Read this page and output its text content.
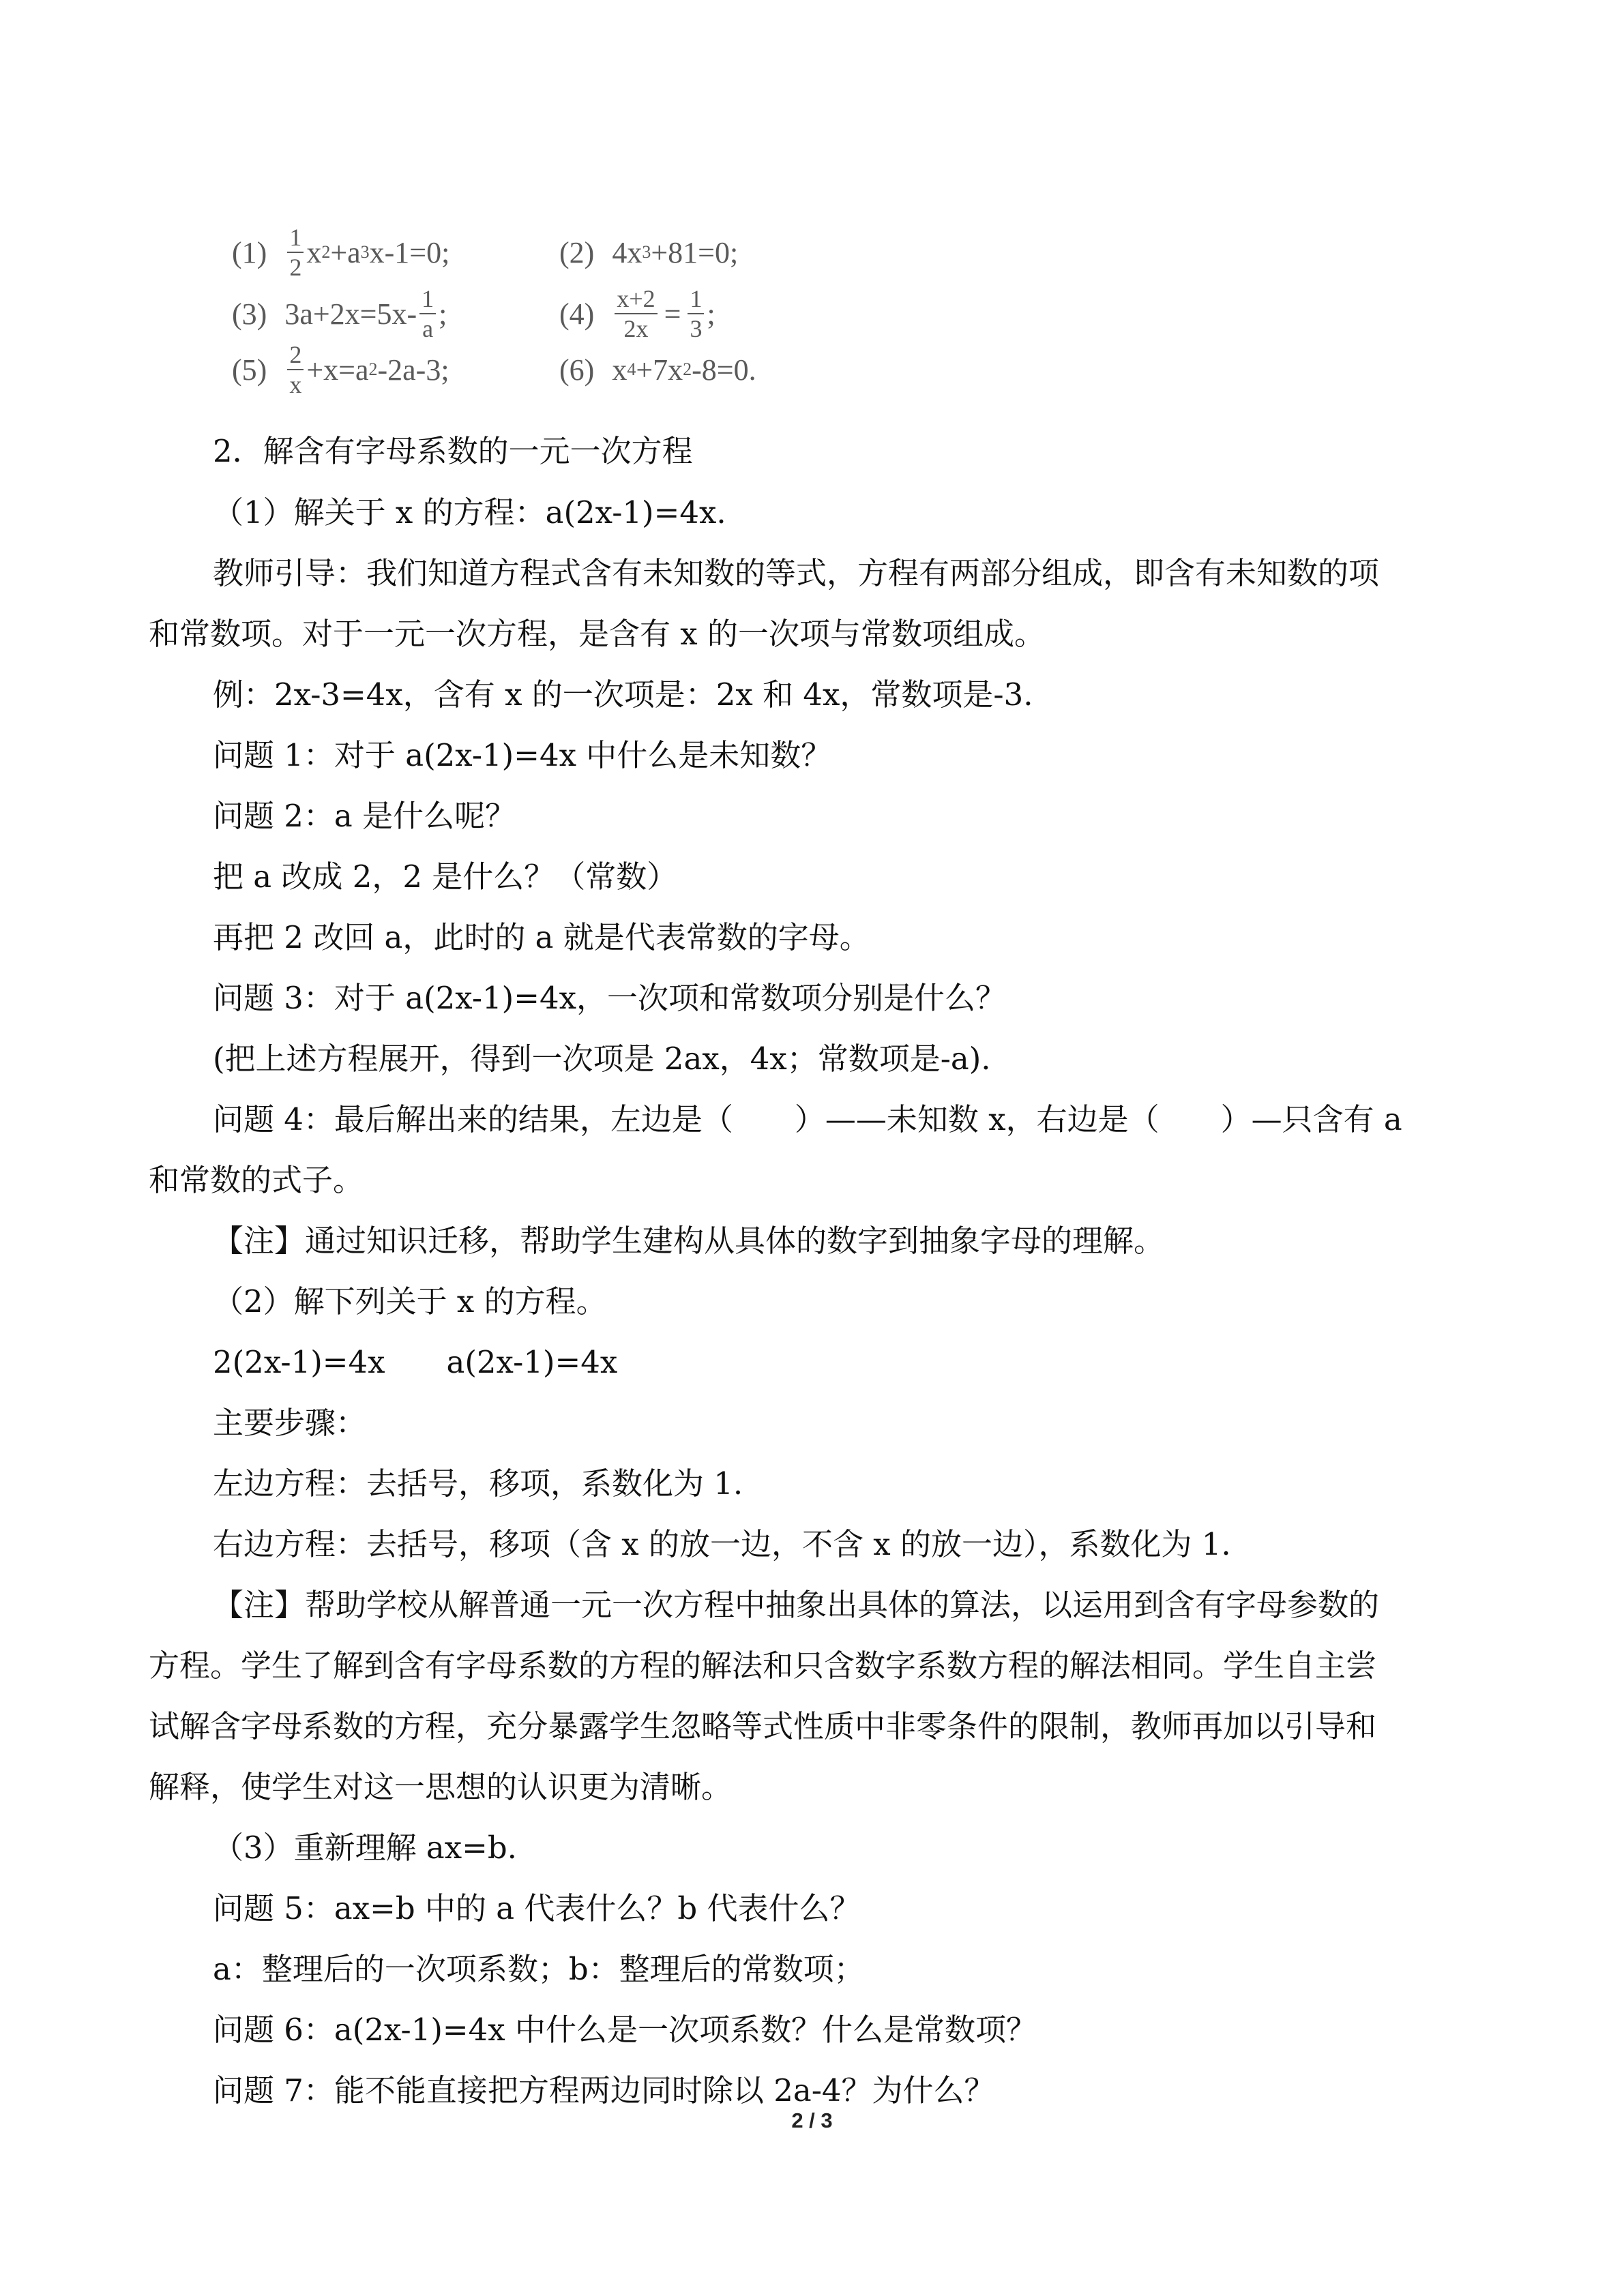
$(1) \frac{1}{2}$ x 2 +a 3 x-1=0;	(2) 4x 3 +81=0;
(3) $3a+2x=5x- \frac{1}{a}$ ;	$(4) \frac{x+2}{2x} = \frac{1}{3}$ ;
$(5) \frac{2}{x} +x=a$ 2 -2a-3;	(6) x 4 +7x 2 -8=0.
2．解含有字母系数的一元一次方程
（1）解关于 x 的方程：a(2x-1)=4x.
教师引导：我们知道方程式含有未知数的等式，方程有两部分组成，即含有未知数的项
和常数项。对于一元一次方程，是含有 x 的一次项与常数项组成。
例：2x-3=4x，含有 x 的一次项是：2x 和 4x，常数项是-3.
问题 1：对于 a(2x-1)=4x 中什么是未知数？
问题 2：a 是什么呢？
把 a 改成 2，2 是什么？（常数）
再把 2 改回 a，此时的 a 就是代表常数的字母。
问题 3：对于 a(2x-1)=4x，一次项和常数项分别是什么？
(把上述方程展开，得到一次项是 2ax，4x；常数项是-a).
问题 4：最后解出来的结果，左边是（　　）——未知数 x，右边是（　　）—只含有 a
和常数的式子。
【注】通过知识迁移，帮助学生建构从具体的数字到抽象字母的理解。
（2）解下列关于 x 的方程。
2(2x-1)=4x　　a(2x-1)=4x
主要步骤：
左边方程：去括号，移项，系数化为 1.
右边方程：去括号，移项（含 x 的放一边，不含 x 的放一边），系数化为 1.
【注】帮助学校从解普通一元一次方程中抽象出具体的算法，以运用到含有字母参数的
方程。学生了解到含有字母系数的方程的解法和只含数字系数方程的解法相同。学生自主尝
试解含字母系数的方程，充分暴露学生忽略等式性质中非零条件的限制，教师再加以引导和
解释，使学生对这一思想的认识更为清晰。
（3）重新理解 ax=b.
问题 5：ax=b 中的 a 代表什么？b 代表什么？
a：整理后的一次项系数；b：整理后的常数项；
问题 6：a(2x-1)=4x 中什么是一次项系数？什么是常数项？
问题 7：能不能直接把方程两边同时除以 2a-4？为什么？
2 / 3
